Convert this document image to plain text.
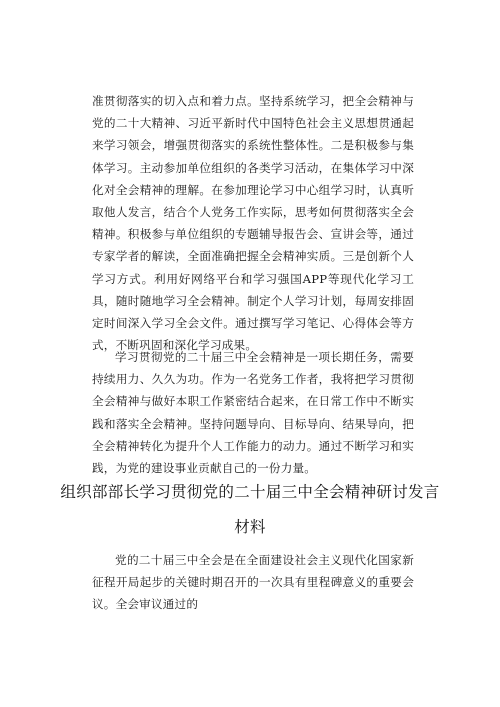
准贯彻落实的切入点和着力点。坚持系统学习，把全会精神与党的二十大精神、习近平新时代中国特色社会主义思想贯通起来学习领会，增强贯彻落实的系统性整体性。二是积极参与集体学习。主动参加单位组织的各类学习活动，在集体学习中深化对全会精神的理解。在参加理论学习中心组学习时，认真听取他人发言，结合个人党务工作实际，思考如何贯彻落实全会精神。积极参与单位组织的专题辅导报告会、宣讲会等，通过专家学者的解读，全面准确把握全会精神实质。三是创新个人学习方式。利用好网络平台和学习强国APP等现代化学习工具，随时随地学习全会精神。制定个人学习计划，每周安排固定时间深入学习全会文件。通过撰写学习笔记、心得体会等方式，不断巩固和深化学习成果。

学习贯彻党的二十届三中全会精神是一项长期任务，需要持续用力、久久为功。作为一名党务工作者，我将把学习贯彻全会精神与做好本职工作紧密结合起来，在日常工作中不断实践和落实全会精神。坚持问题导向、目标导向、结果导向，把全会精神转化为提升个人工作能力的动力。通过不断学习和实践，为党的建设事业贡献自己的一份力量。

组织部部长学习贯彻党的二十届三中全会精神研讨发言
材料

党的二十届三中全会是在全面建设社会主义现代化国家新征程开局起步的关键时期召开的一次具有里程碑意义的重要会议。全会审议通过的
